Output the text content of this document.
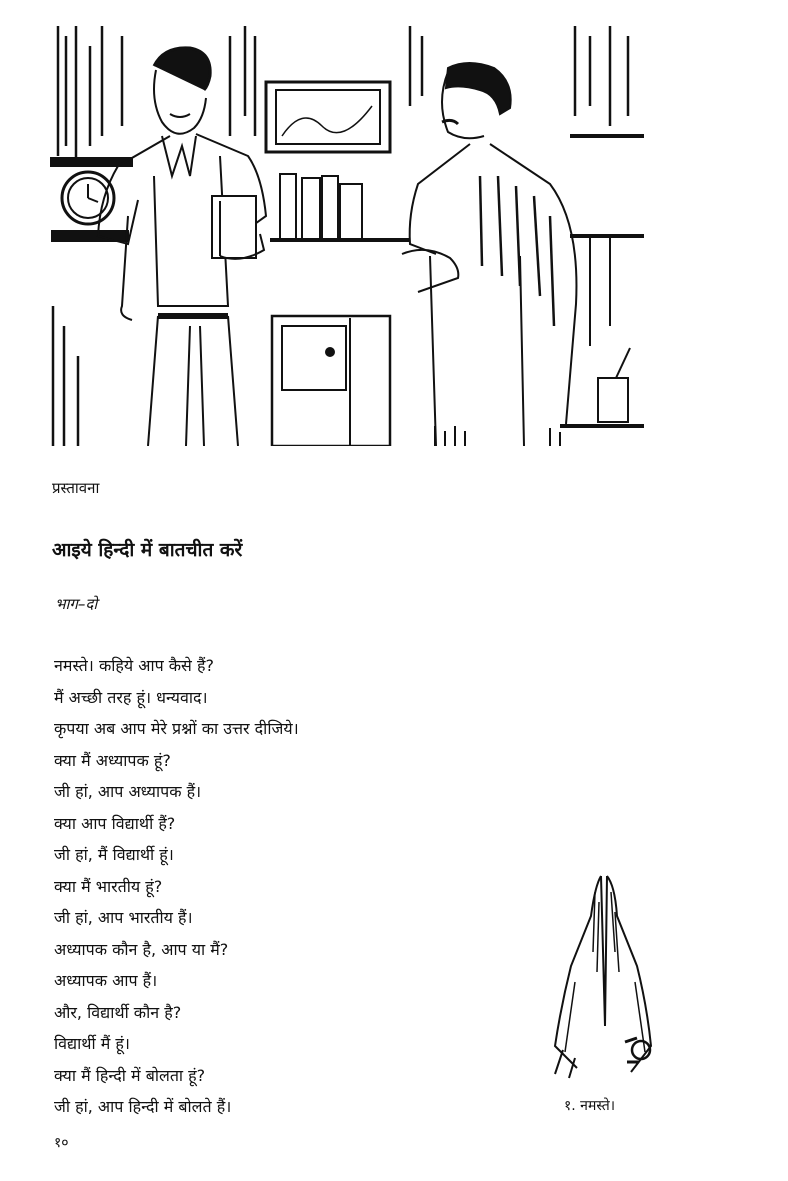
प्रस्तावना
आइये हिन्दी में बातचीत करें
भाग–दो
नमस्ते। कहिये आप कैसे हैं?
मैं अच्छी तरह हूं। धन्यवाद।
कृपया अब आप मेरे प्रश्नों का उत्तर दीजिये।
क्या मैं अध्यापक हूं?
जी हां, आप अध्यापक हैं।
क्या आप विद्यार्थी हैं?
जी हां, मैं विद्यार्थी हूं।
क्या मैं भारतीय हूं?
जी हां, आप भारतीय हैं।
अध्यापक कौन है, आप या मैं?
अध्यापक आप हैं।
और, विद्यार्थी कौन है?
विद्यार्थी मैं हूं।
क्या मैं हिन्दी में बोलता हूं?
जी हां, आप हिन्दी में बोलते हैं।	१. नमस्ते।
१०
